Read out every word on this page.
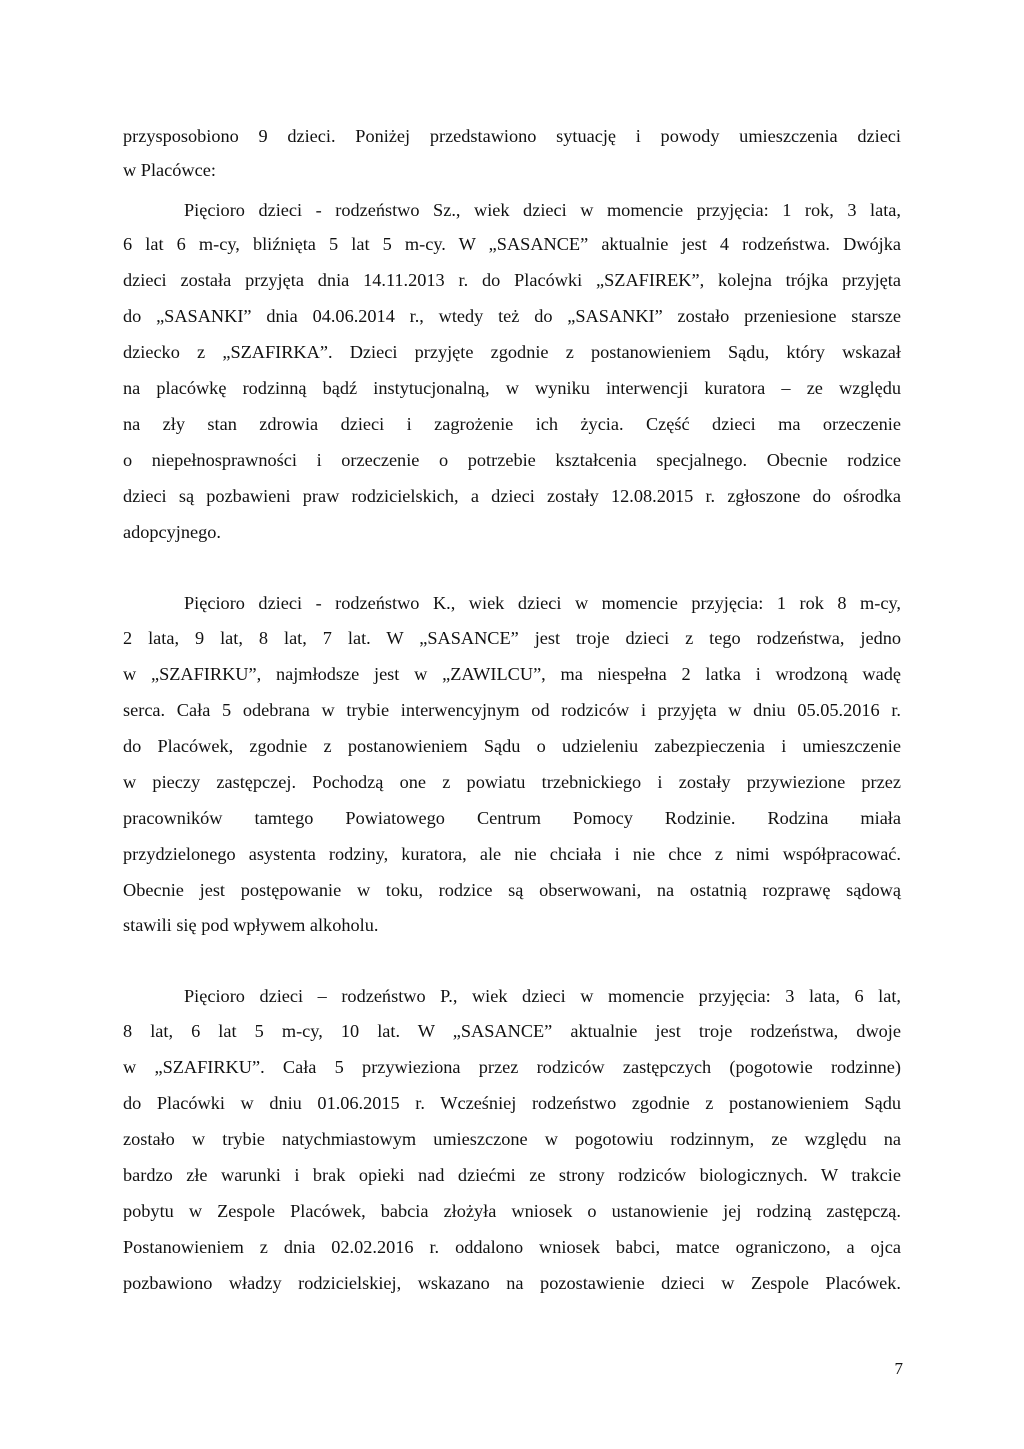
przysposobiono 9 dzieci. Poniżej przedstawiono sytuację i powody umieszczenia dzieci
w Placówce:
Pięcioro dzieci - rodzeństwo Sz., wiek dzieci w momencie przyjęcia: 1 rok, 3 lata,
6 lat 6 m-cy, bliźnięta 5 lat 5 m-cy. W „SASANCE” aktualnie jest 4 rodzeństwa. Dwójka
dzieci została przyjęta dnia 14.11.2013 r. do Placówki „SZAFIREK”, kolejna trójka przyjęta
do „SASANKI” dnia 04.06.2014 r., wtedy też do „SASANKI” zostało przeniesione starsze
dziecko z „SZAFIRKA”. Dzieci przyjęte zgodnie z postanowieniem Sądu, który wskazał
na placówkę rodzinną bądź instytucjonalną, w wyniku interwencji kuratora – ze względu
na zły stan zdrowia dzieci i zagrożenie ich życia. Część dzieci ma orzeczenie
o niepełnosprawności i orzeczenie o potrzebie kształcenia specjalnego. Obecnie rodzice
dzieci są pozbawieni praw rodzicielskich, a dzieci zostały 12.08.2015 r. zgłoszone do ośrodka
adopcyjnego.
Pięcioro dzieci - rodzeństwo K., wiek dzieci w momencie przyjęcia: 1 rok 8 m-cy,
2 lata, 9 lat, 8 lat, 7 lat. W „SASANCE” jest troje dzieci z tego rodzeństwa, jedno
w „SZAFIRKU”, najmłodsze jest w „ZAWILCU”, ma niespełna 2 latka i wrodzoną wadę
serca. Cała 5 odebrana w trybie interwencyjnym od rodziców i przyjęta w dniu 05.05.2016 r.
do Placówek, zgodnie z postanowieniem Sądu o udzieleniu zabezpieczenia i umieszczenie
w pieczy zastępczej. Pochodzą one z powiatu trzebnickiego i zostały przywiezione przez
pracowników tamtego Powiatowego Centrum Pomocy Rodzinie. Rodzina miała
przydzielonego asystenta rodziny, kuratora, ale nie chciała i nie chce z nimi współpracować.
Obecnie jest postępowanie w toku, rodzice są obserwowani, na ostatnią rozprawę sądową
stawili się pod wpływem alkoholu.
Pięcioro dzieci – rodzeństwo P., wiek dzieci w momencie przyjęcia: 3 lata, 6 lat,
8 lat, 6 lat 5 m-cy, 10 lat. W „SASANCE” aktualnie jest troje rodzeństwa, dwoje
w „SZAFIRKU”. Cała 5 przywieziona przez rodziców zastępczych (pogotowie rodzinne)
do Placówki w dniu 01.06.2015 r. Wcześniej rodzeństwo zgodnie z postanowieniem Sądu
zostało w trybie natychmiastowym umieszczone w pogotowiu rodzinnym, ze względu na
bardzo złe warunki i brak opieki nad dziećmi ze strony rodziców biologicznych. W trakcie
pobytu w Zespole Placówek, babcia złożyła wniosek o ustanowienie jej rodziną zastępczą.
Postanowieniem z dnia 02.02.2016 r. oddalono wniosek babci, matce ograniczono, a ojca
pozbawiono władzy rodzicielskiej, wskazano na pozostawienie dzieci w Zespole Placówek.
7
